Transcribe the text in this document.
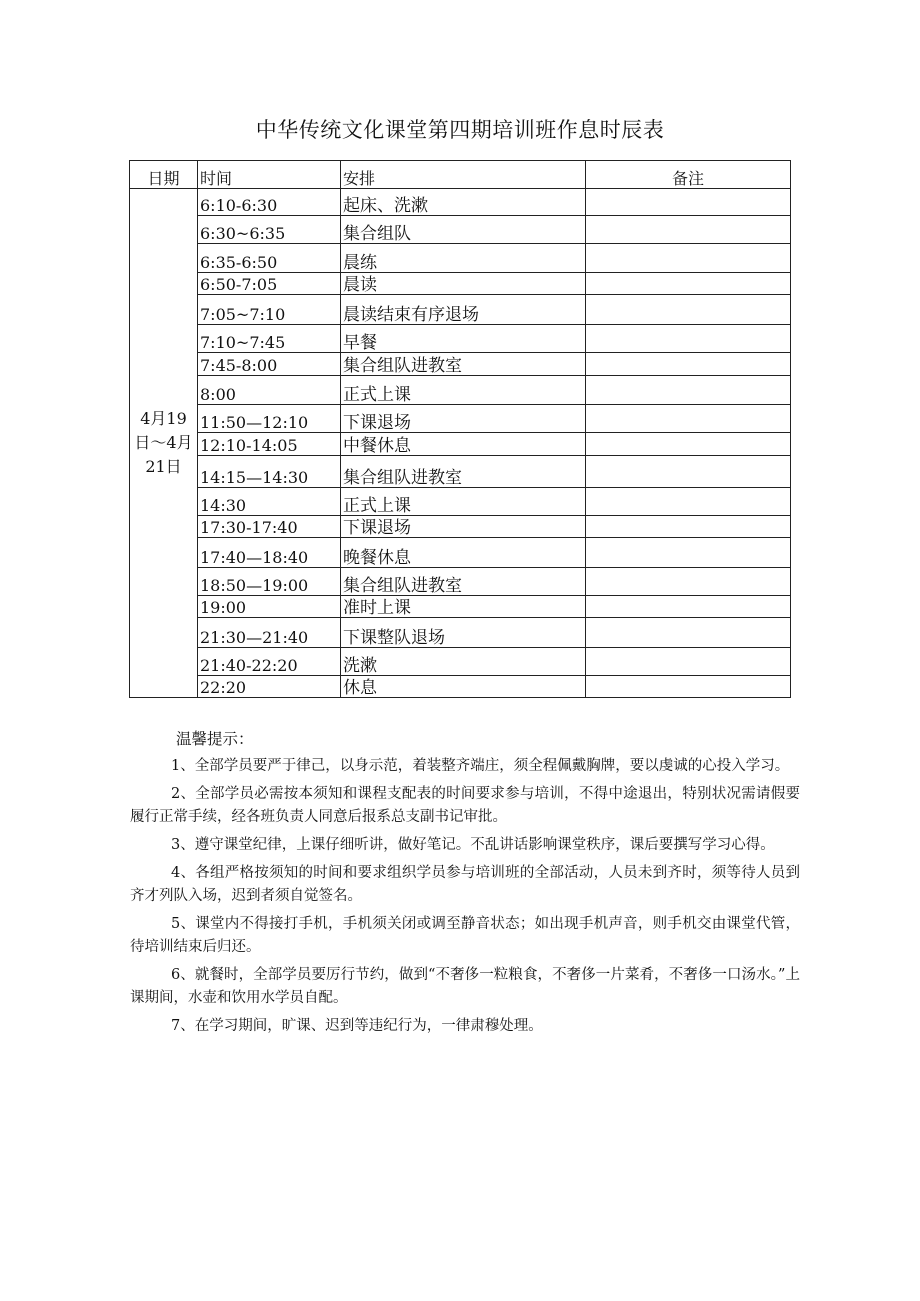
中华传统文化课堂第四期培训班作息时辰表
日期	时间	安排	备注

4月19
日～4月
21日	6:10-6:30	起床、洗漱	
	6:30~6:35	集合组队	
	6:35-6:50	晨练	
	6:50-7:05	晨读	
	7:05~7:10	晨读结束有序退场	
	7:10~7:45	早餐	
	7:45-8:00	集合组队进教室	
	8:00	正式上课	
	11:50—12:10	下课退场	
	12:10-14:05	中餐休息	
	14:15—14:30	集合组队进教室	
	14:30	正式上课	
	17:30-17:40	下课退场	
	17:40—18:40	晚餐休息	
	18:50—19:00	集合组队进教室	
	19:00	准时上课	
	21:30—21:40	下课整队退场	
	21:40-22:20	洗漱	
	22:20	休息	
温馨提示：
1、全部学员要严于律己，以身示范，着装整齐端庄，须全程佩戴胸牌，要以虔诚的心投入学习。
2、全部学员必需按本须知和课程支配表的时间要求参与培训，不得中途退出，特别状况需请假要履行正常手续，经各班负责人同意后报系总支副书记审批。
3、遵守课堂纪律，上课仔细听讲，做好笔记。不乱讲话影响课堂秩序，课后要撰写学习心得。
4、各组严格按须知的时间和要求组织学员参与培训班的全部活动，人员未到齐时，须等待人员到齐才列队入场，迟到者须自觉签名。
5、课堂内不得接打手机，手机须关闭或调至静音状态；如出现手机声音，则手机交由课堂代管，待培训结束后归还。
6、就餐时，全部学员要厉行节约，做到“不奢侈一粒粮食，不奢侈一片菜肴，不奢侈一口汤水。”上课期间，水壶和饮用水学员自配。
7、在学习期间，旷课、迟到等违纪行为，一律肃穆处理。
